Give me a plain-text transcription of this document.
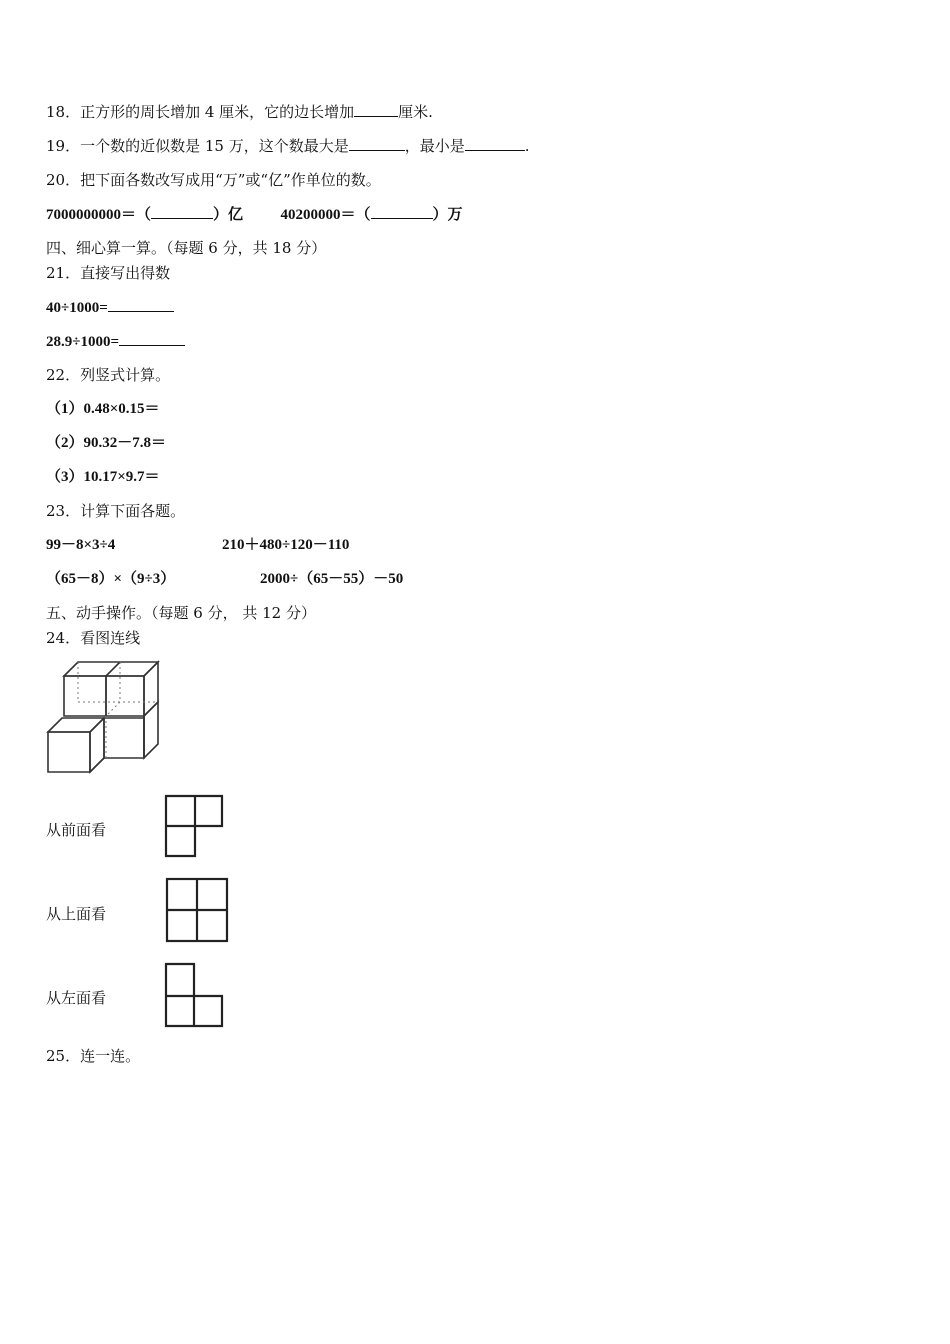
18．正方形的周长增加 4 厘米，它的边长增加	厘米.
19．一个数的近似数是 15 万，这个数最大是	，最小是	.
20．把下面各数改写成用“万”或“亿”作单位的数。
7000000000＝（	）亿	40200000＝（	）万
四、细心算一算。（每题 6 分，共 18 分）
21．直接写出得数
40÷1000=
28.9÷1000=
22．列竖式计算。
（1）0.48×0.15＝
（2）90.32－7.8＝
（3）10.17×9.7＝
23．计算下面各题。
99－8×3÷4	210＋480÷120－110
（65－8）×（9÷3）	2000÷（65－55）－50
五、动手操作。（每题 6 分， 共 12 分）
24．看图连线
从前面看
从上面看
从左面看
25．连一连。
